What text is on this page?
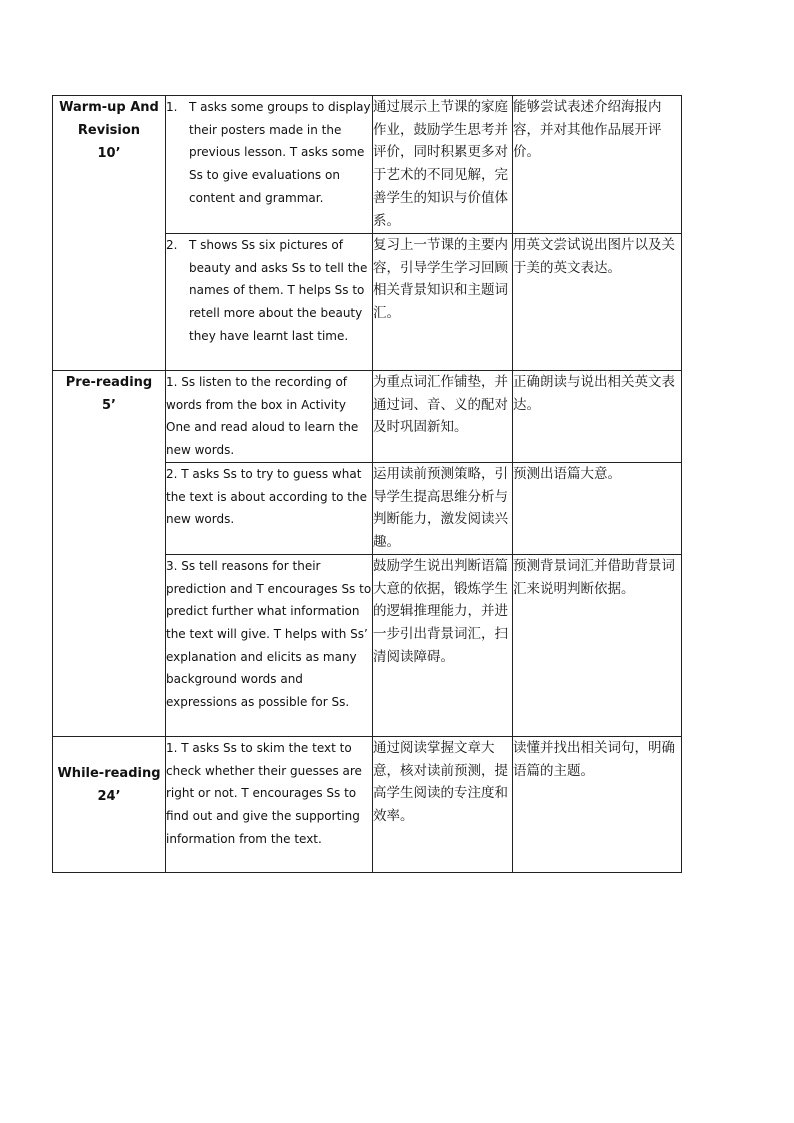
Warm-up And Revision
10’	1. T asks some groups to display their posters made in the previous lesson. T asks some Ss to give evaluations on content and grammar.	通过展示上节课的家庭作业，鼓励学生思考并评价，同时积累更多对于艺术的不同见解，完善学生的知识与价值体系。	能够尝试表述介绍海报内容，并对其他作品展开评价。

	2. T shows Ss six pictures of beauty and asks Ss to tell the names of them. T helps Ss to retell more about the beauty they have learnt last time.	复习上一节课的主要内容，引导学生学习回顾相关背景知识和主题词汇。	用英文尝试说出图片以及关于美的英文表达。

Pre-reading
5’	1. Ss listen to the recording of words from the box in Activity One and read aloud to learn the new words.	为重点词汇作铺垫，并通过词、音、义的配对及时巩固新知。	正确朗读与说出相关英文表达。
	2. T asks Ss to try to guess what the text is about according to the new words.	运用读前预测策略，引导学生提高思维分析与判断能力，激发阅读兴趣。	预测出语篇大意。
	3. Ss tell reasons for their prediction and T encourages Ss to predict further what information the text will give. T helps with Ss’ explanation and elicits as many background words and expressions as possible for Ss.	鼓励学生说出判断语篇大意的依据，锻炼学生的逻辑推理能力，并进一步引出背景词汇，扫清阅读障碍。	预测背景词汇并借助背景词汇来说明判断依据。

While-reading
24’	1. T asks Ss to skim the text to check whether their guesses are right or not. T encourages Ss to find out and give the supporting information from the text.	通过阅读掌握文章大意，核对读前预测，提高学生阅读的专注度和效率。	读懂并找出相关词句，明确语篇的主题。
